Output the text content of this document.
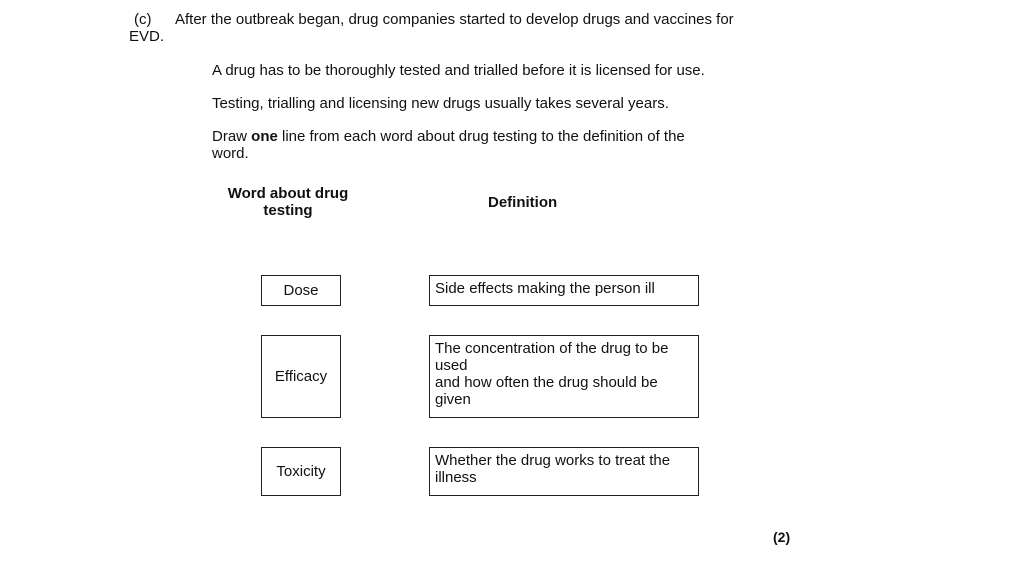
(c) After the outbreak began, drug companies started to develop drugs and vaccines for
EVD.
A drug has to be thoroughly tested and trialled before it is licensed for use.
Testing, trialling and licensing new drugs usually takes several years.
Draw one line from each word about drug testing to the definition of the
word.
Word about drug
testing	Definition
Dose
Efficacy
Toxicity
Side effects making the person ill
The concentration of the drug to be
used
and how often the drug should be
given
Whether the drug works to treat the
illness
(2)
